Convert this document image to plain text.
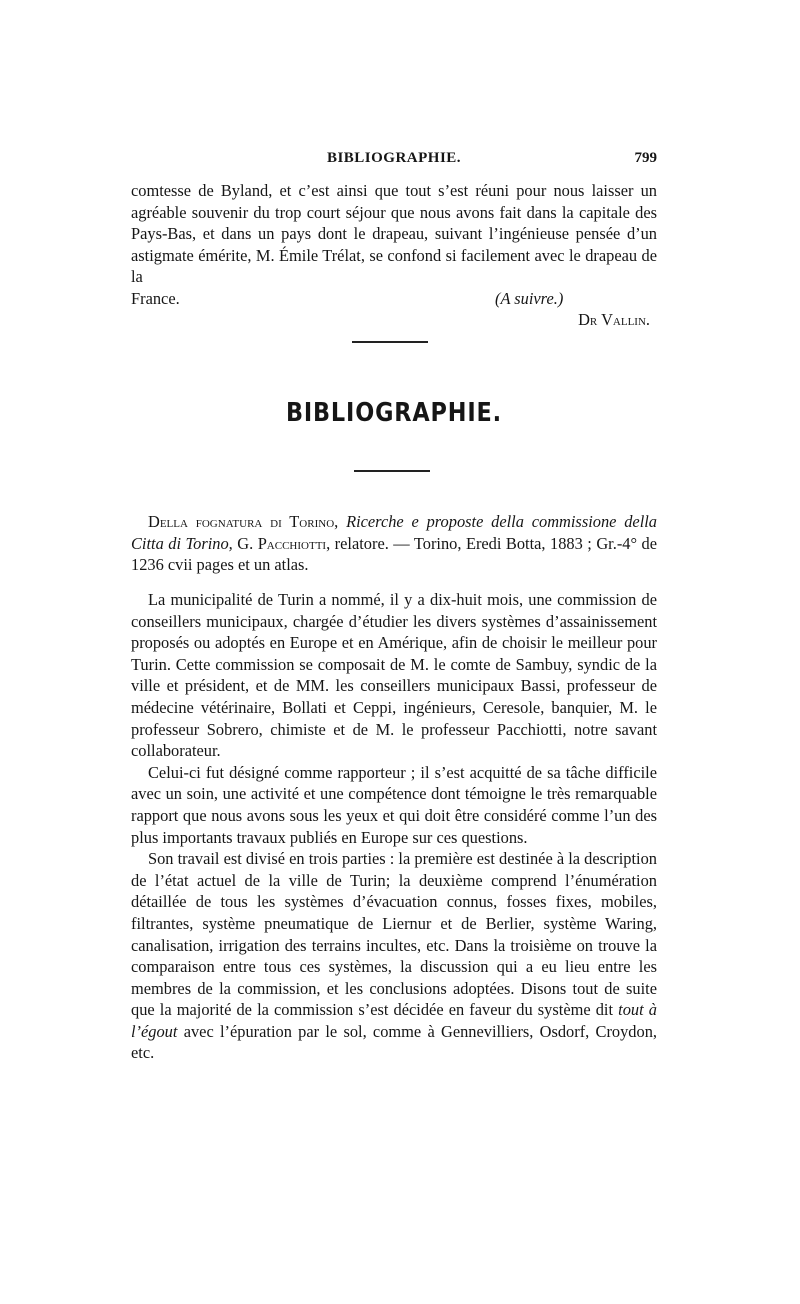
BIBLIOGRAPHIE.	799

comtesse de Byland, et c’est ainsi que tout s’est réuni pour nous laisser un agréable souvenir du trop court séjour que nous avons fait dans la capitale des Pays-Bas, et dans un pays dont le drapeau, suivant l’ingénieuse pensée d’un astigmate émérite, M. Émile Trélat, se confond si facilement avec le drapeau de la

France.	(A suivre.)
Dr Vallin.
BIBLIOGRAPHIE.

Della fognatura di Torino, Ricerche e proposte della commissione della Citta di Torino, G. Pacchiotti, relatore. — Torino, Eredi Botta, 1883 ; Gr.-4° de 1236 cvii pages et un atlas.

La municipalité de Turin a nommé, il y a dix-huit mois, une commission de conseillers municipaux, chargée d’étudier les divers systèmes d’assainissement proposés ou adoptés en Europe et en Amérique, afin de choisir le meilleur pour Turin. Cette commission se composait de M. le comte de Sambuy, syndic de la ville et président, et de MM. les conseillers municipaux Bassi, professeur de médecine vétérinaire, Bollati et Ceppi, ingénieurs, Ceresole, banquier, M. le professeur Sobrero, chimiste et de M. le professeur Pacchiotti, notre savant collaborateur.

Celui-ci fut désigné comme rapporteur ; il s’est acquitté de sa tâche difficile avec un soin, une activité et une compétence dont témoigne le très remarquable rapport que nous avons sous les yeux et qui doit être considéré comme l’un des plus importants travaux publiés en Europe sur ces questions.

Son travail est divisé en trois parties : la première est destinée à la description de l’état actuel de la ville de Turin; la deuxième comprend l’énumération détaillée de tous les systèmes d’évacuation connus, fosses fixes, mobiles, filtrantes, système pneumatique de Liernur et de Berlier, système Waring, canalisation, irrigation des terrains incultes, etc. Dans la troisième on trouve la comparaison entre tous ces systèmes, la discussion qui a eu lieu entre les membres de la commission, et les conclusions adoptées. Disons tout de suite que la majorité de la commission s’est décidée en faveur du système dit tout à l’égout avec l’épuration par le sol, comme à Gennevilliers, Osdorf, Croydon, etc.
